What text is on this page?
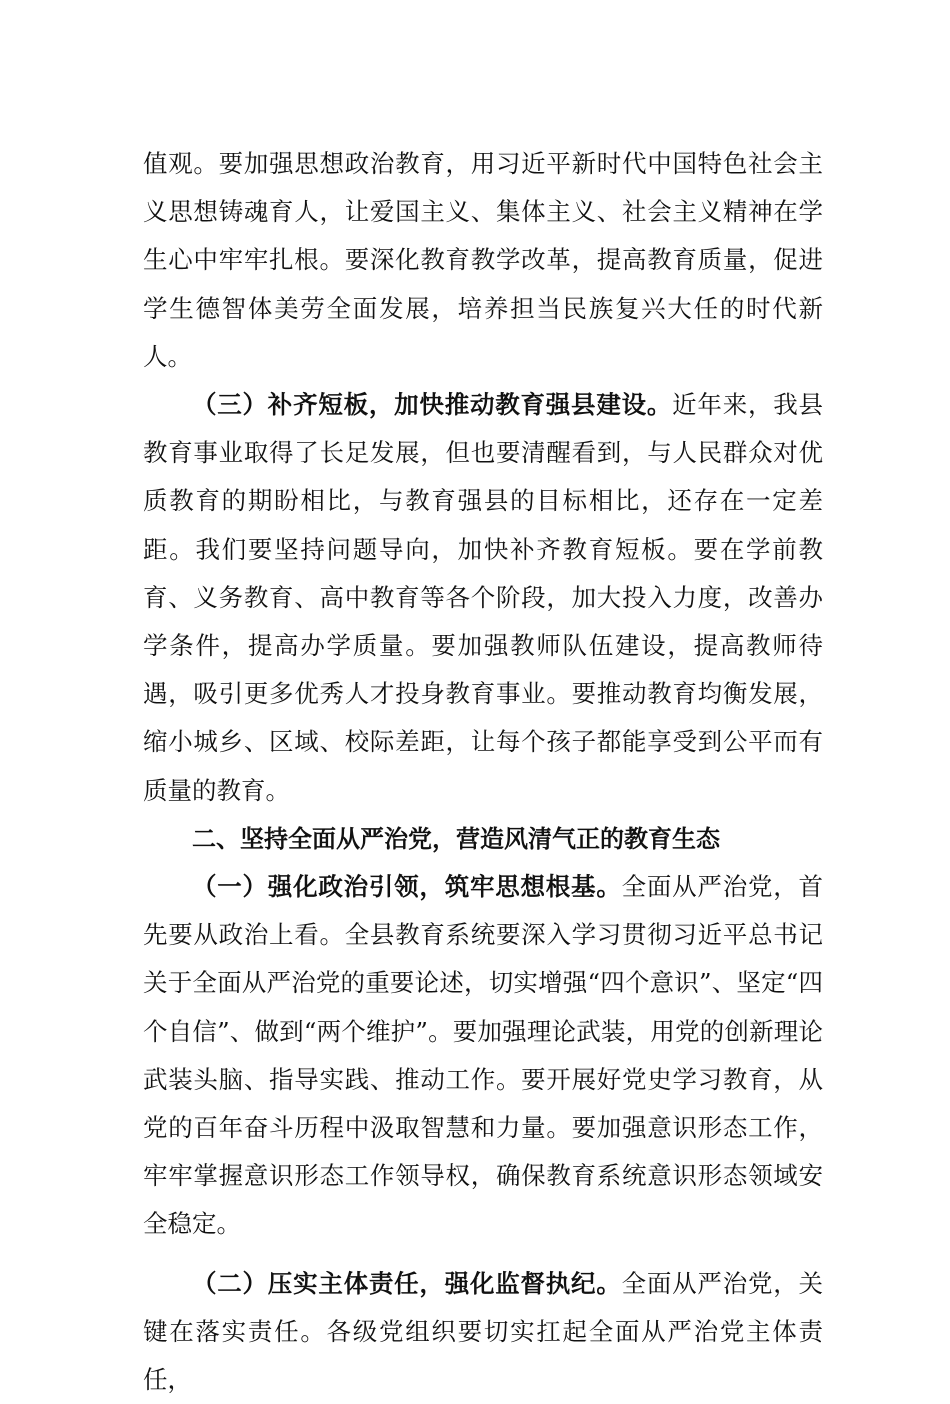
值观。要加强思想政治教育，用习近平新时代中国特色社会主义思想铸魂育人，让爱国主义、集体主义、社会主义精神在学生心中牢牢扎根。要深化教育教学改革，提高教育质量，促进学生德智体美劳全面发展，培养担当民族复兴大任的时代新人。

（三）补齐短板，加快推动教育强县建设。近年来，我县教育事业取得了长足发展，但也要清醒看到，与人民群众对优质教育的期盼相比，与教育强县的目标相比，还存在一定差距。我们要坚持问题导向，加快补齐教育短板。要在学前教育、义务教育、高中教育等各个阶段，加大投入力度，改善办学条件，提高办学质量。要加强教师队伍建设，提高教师待遇，吸引更多优秀人才投身教育事业。要推动教育均衡发展，缩小城乡、区域、校际差距，让每个孩子都能享受到公平而有质量的教育。

二、坚持全面从严治党，营造风清气正的教育生态

（一）强化政治引领，筑牢思想根基。全面从严治党，首先要从政治上看。全县教育系统要深入学习贯彻习近平总书记关于全面从严治党的重要论述，切实增强“四个意识”、坚定“四个自信”、做到“两个维护”。要加强理论武装，用党的创新理论武装头脑、指导实践、推动工作。要开展好党史学习教育，从党的百年奋斗历程中汲取智慧和力量。要加强意识形态工作，牢牢掌握意识形态工作领导权，确保教育系统意识形态领域安全稳定。

（二）压实主体责任，强化监督执纪。全面从严治党，关键在落实责任。各级党组织要切实扛起全面从严治党主体责任，
